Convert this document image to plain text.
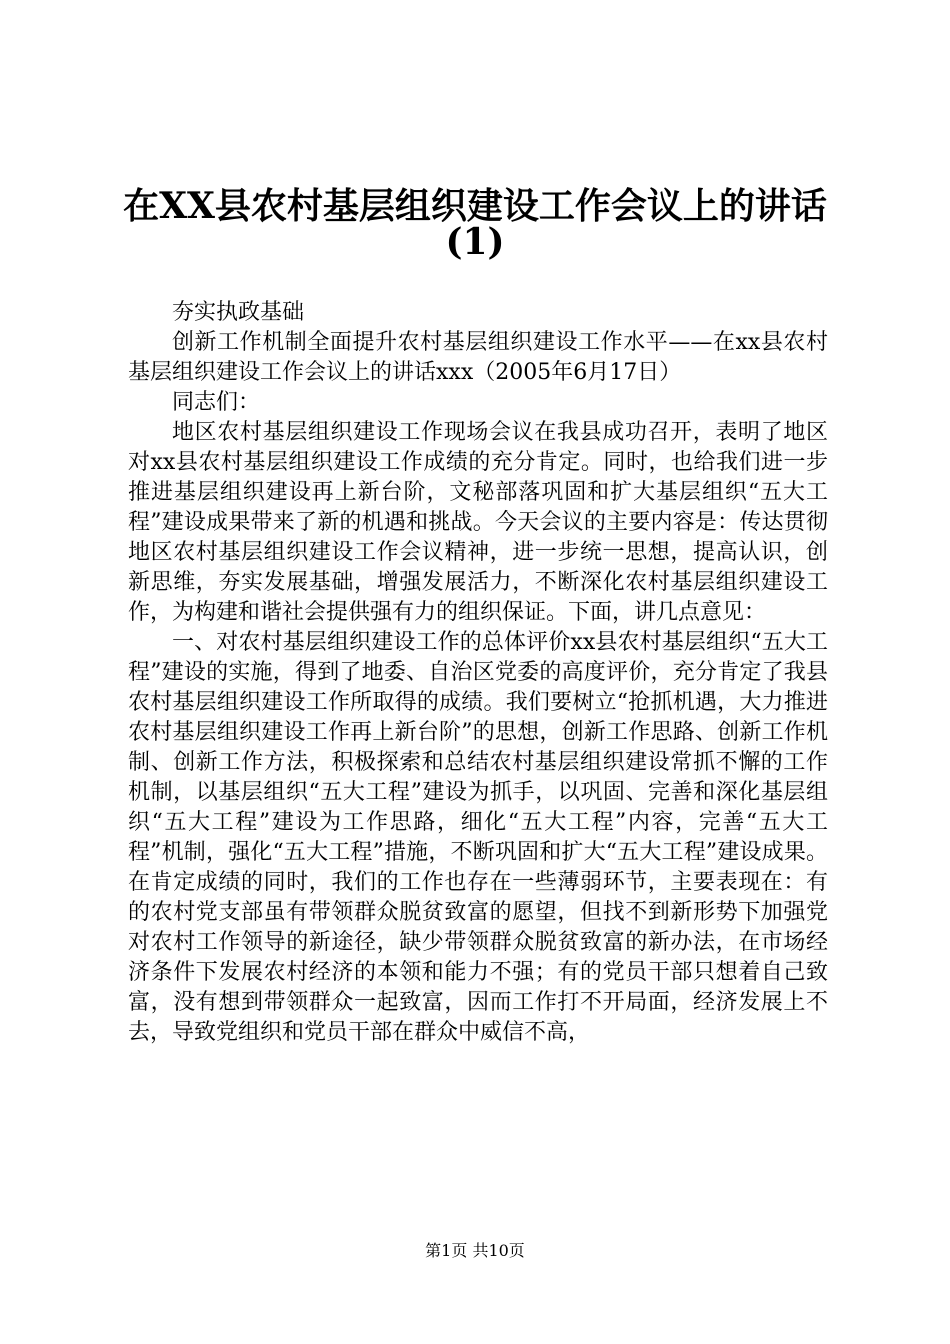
在XX县农村基层组织建设工作会议上的讲话
(1)

夯实执政基础

创新工作机制全面提升农村基层组织建设工作水平——在xx县农村基层组织建设工作会议上的讲话xxx（2005年6月17日）

同志们：

地区农村基层组织建设工作现场会议在我县成功召开，表明了地区对xx县农村基层组织建设工作成绩的充分肯定。同时，也给我们进一步推进基层组织建设再上新台阶，文秘部落巩固和扩大基层组织“五大工程”建设成果带来了新的机遇和挑战。今天会议的主要内容是：传达贯彻地区农村基层组织建设工作会议精神，进一步统一思想，提高认识，创新思维，夯实发展基础，增强发展活力，不断深化农村基层组织建设工作，为构建和谐社会提供强有力的组织保证。下面，讲几点意见：

一、对农村基层组织建设工作的总体评价xx县农村基层组织“五大工程”建设的实施，得到了地委、自治区党委的高度评价，充分肯定了我县农村基层组织建设工作所取得的成绩。我们要树立“抢抓机遇，大力推进农村基层组织建设工作再上新台阶”的思想，创新工作思路、创新工作机制、创新工作方法，积极探索和总结农村基层组织建设常抓不懈的工作机制，以基层组织“五大工程”建设为抓手，以巩固、完善和深化基层组织“五大工程”建设为工作思路，细化“五大工程”内容，完善“五大工程”机制，强化“五大工程”措施，不断巩固和扩大“五大工程”建设成果。在肯定成绩的同时，我们的工作也存在一些薄弱环节，主要表现在：有的农村党支部虽有带领群众脱贫致富的愿望，但找不到新形势下加强党对农村工作领导的新途径，缺少带领群众脱贫致富的新办法，在市场经济条件下发展农村经济的本领和能力不强；有的党员干部只想着自己致富，没有想到带领群众一起致富，因而工作打不开局面，经济发展上不去，导致党组织和党员干部在群众中威信不高，

第1页 共10页
